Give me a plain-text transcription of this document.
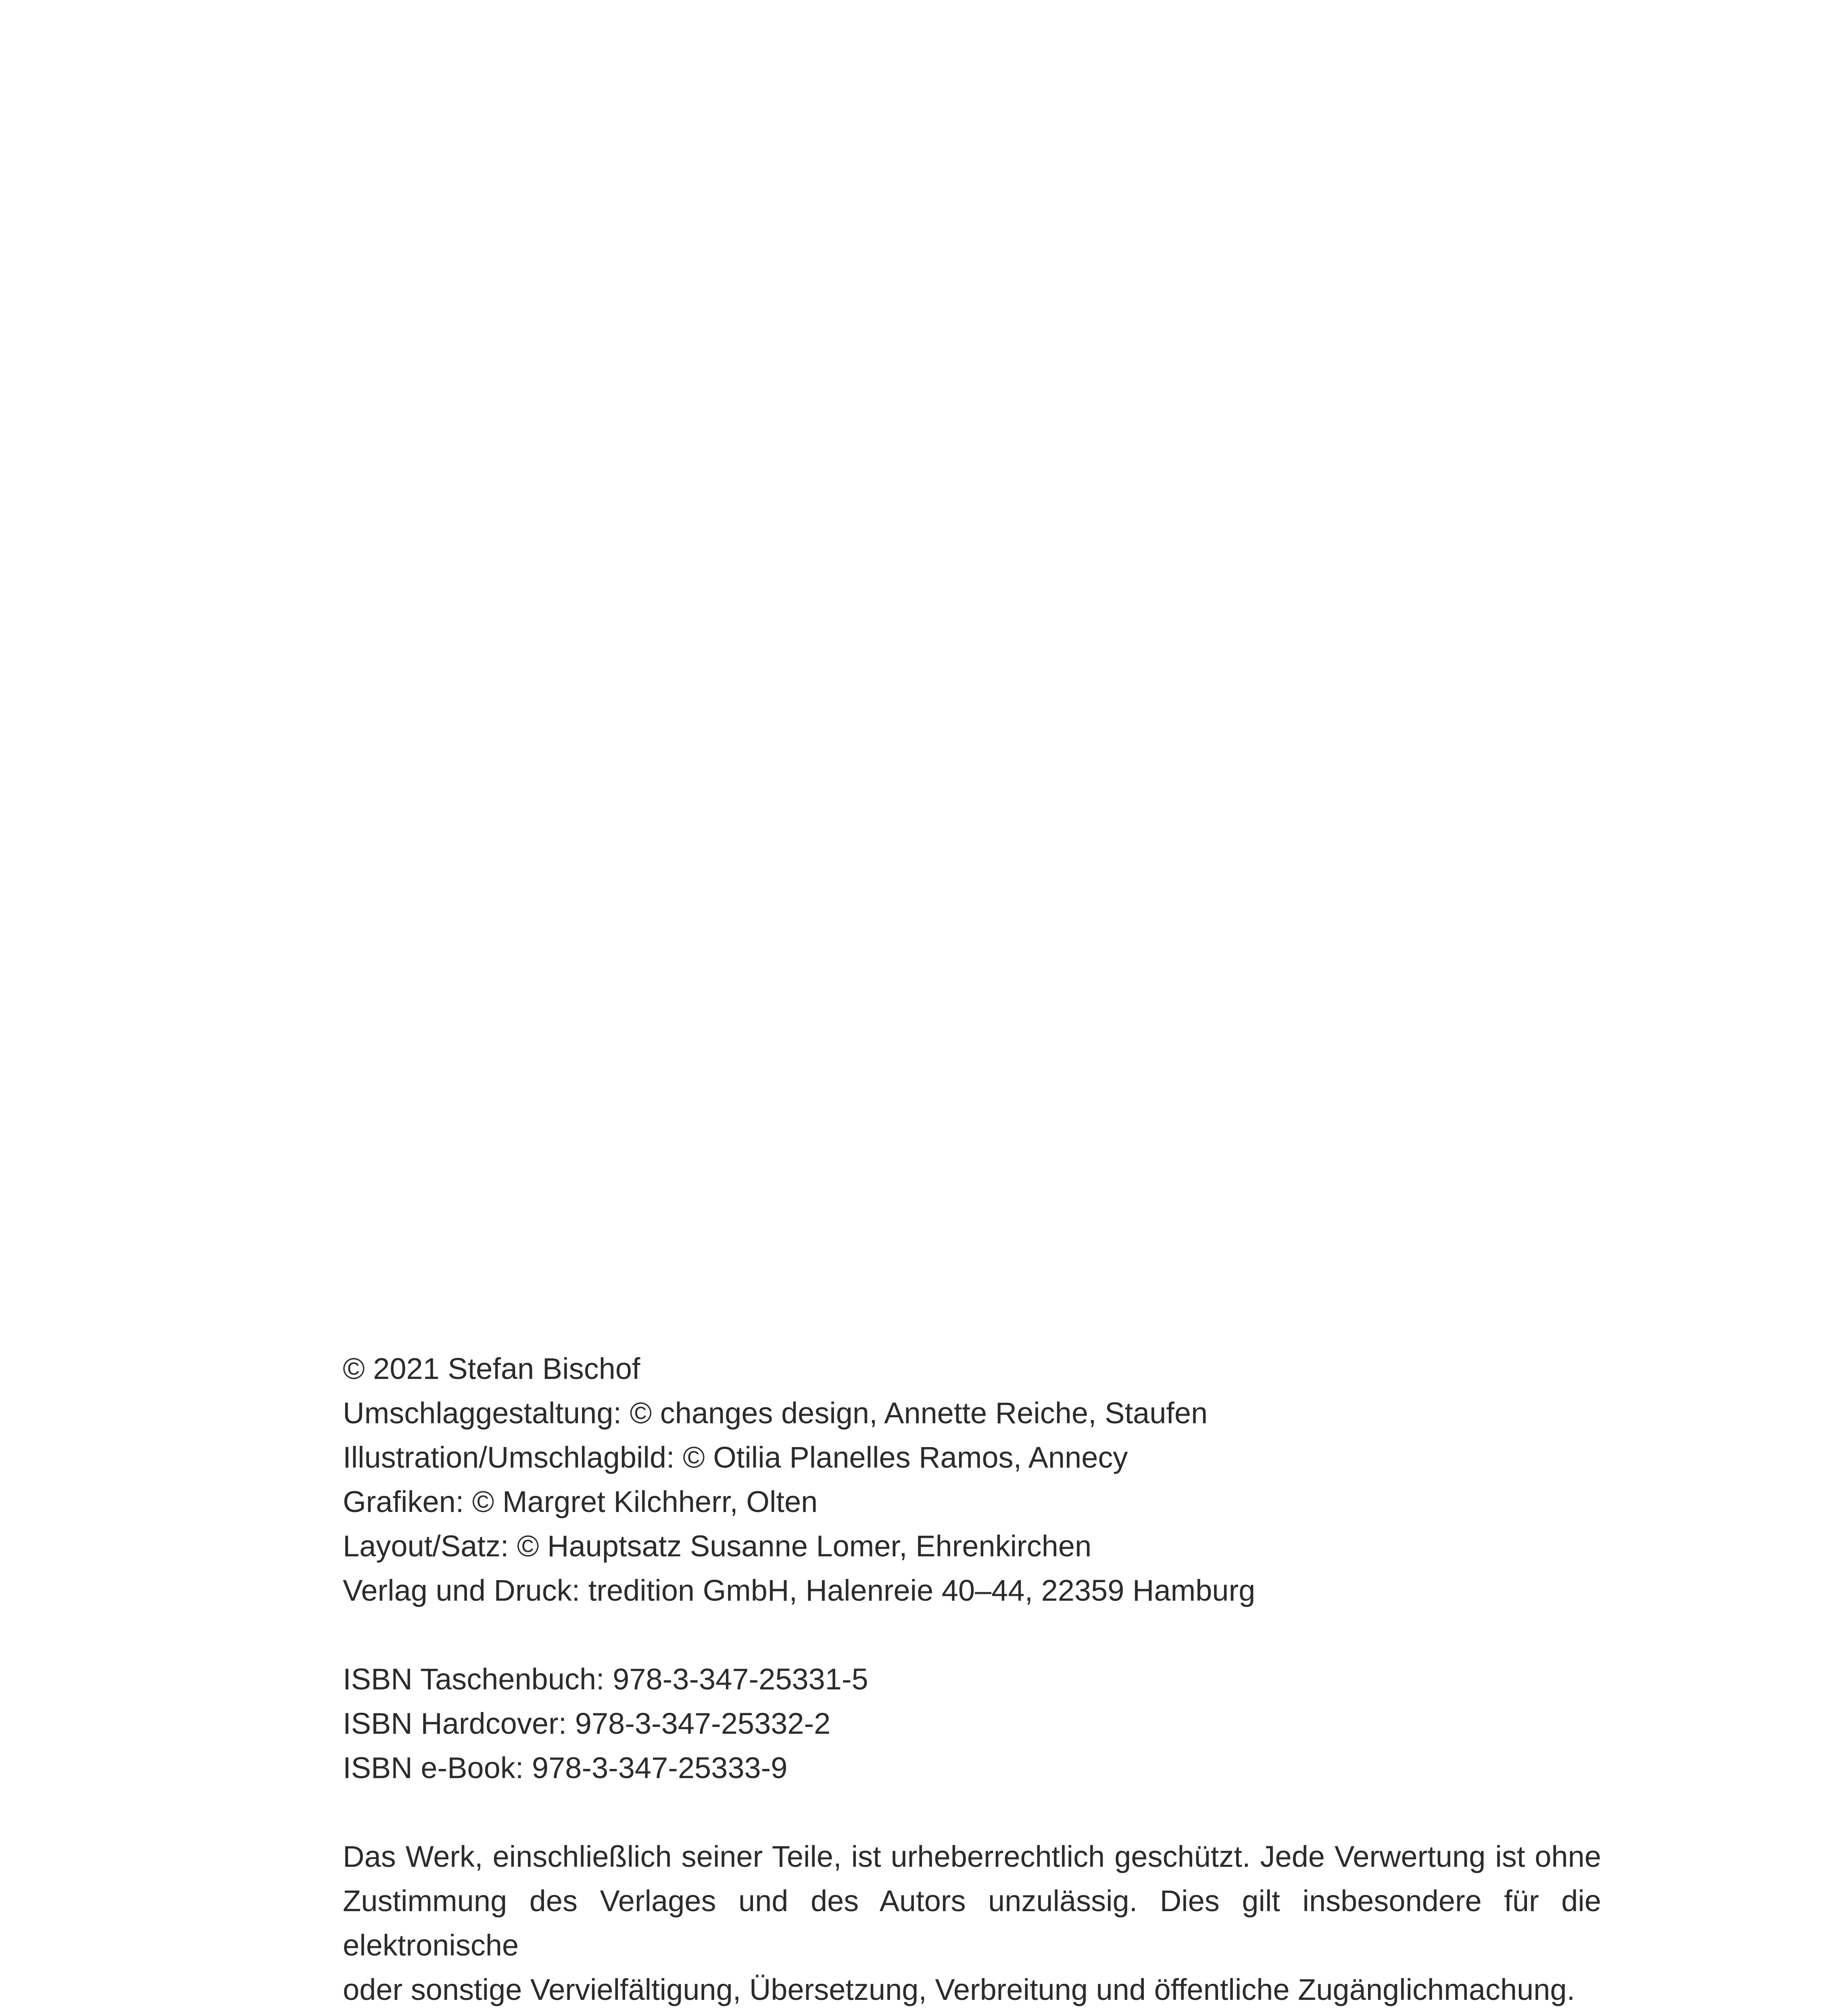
© 2021 Stefan Bischof

Umschlaggestaltung: © changes design, Annette Reiche, Staufen

Illustration/Umschlagbild: © Otilia Planelles Ramos, Annecy

Grafiken: © Margret Kilchherr, Olten

Layout/Satz: © Hauptsatz Susanne Lomer, Ehrenkirchen

Verlag und Druck: tredition GmbH, Halenreie 40–44, 22359 Hamburg

ISBN Taschenbuch: 978-3-347-25331-5

ISBN Hardcover: 978-3-347-25332-2

ISBN e-Book: 978-3-347-25333-9

Das Werk, einschließlich seiner Teile, ist urheberrechtlich geschützt. Jede Verwertung ist ohne

Zustimmung des Verlages und des Autors unzulässig. Dies gilt insbesondere für die elektronische

oder sonstige Vervielfältigung, Übersetzung, Verbreitung und öffentliche Zugänglichmachung.
